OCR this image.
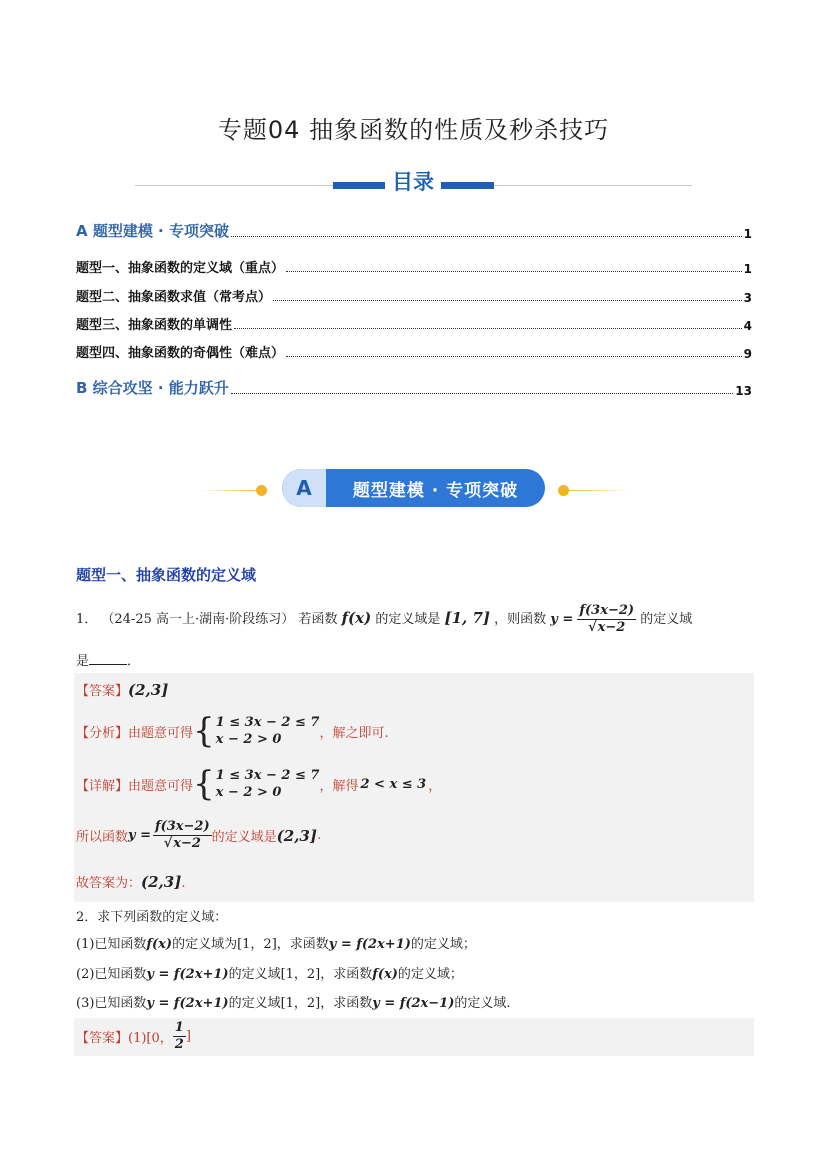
专题04 抽象函数的性质及秒杀技巧
目录
A 题型建模 · 专项突破	1
题型一、抽象函数的定义域（重点）	1
题型二、抽象函数求值（常考点）	3
题型三、抽象函数的单调性	4
题型四、抽象函数的奇偶性（难点）	9
B 综合攻坚 · 能力跃升	13
A	题型建模 · 专项突破
题型一、抽象函数的定义域
1． （24-25 高一上·湖南·阶段练习） 若函数 f(x) 的定义域是 [1, 7] ，则函数 $y = \frac{f(3x-2)}{√x-2}$ 的定义域
是	．
【答案】(2,3]
【分析】 由题意可得 { 1 ≤ 3x − 2 ≤ 7
x − 2 > 0	，解之即可.
【详解】 由题意可得 { 1 ≤ 3x − 2 ≤ 7
x − 2 > 0	，解得 2 < x ≤ 3 ，
所以函数 $y = \frac{f(3x-2)}{√x-2}$ 的定义域是 (2,3] .
故答案为：(2,3].
2．求下列函数的定义域：
(1)已知函数f(x)的定义域为[1，2]，求函数y = f(2x+1)的定义域；
(2)已知函数y = f(2x+1)的定义域[1，2]，求函数f(x)的定义域；
(3)已知函数y = f(2x+1)的定义域[1，2]，求函数y = f(2x−1)的定义域.
【答案】 (1)[0， $\frac{1}{2}$ ]
